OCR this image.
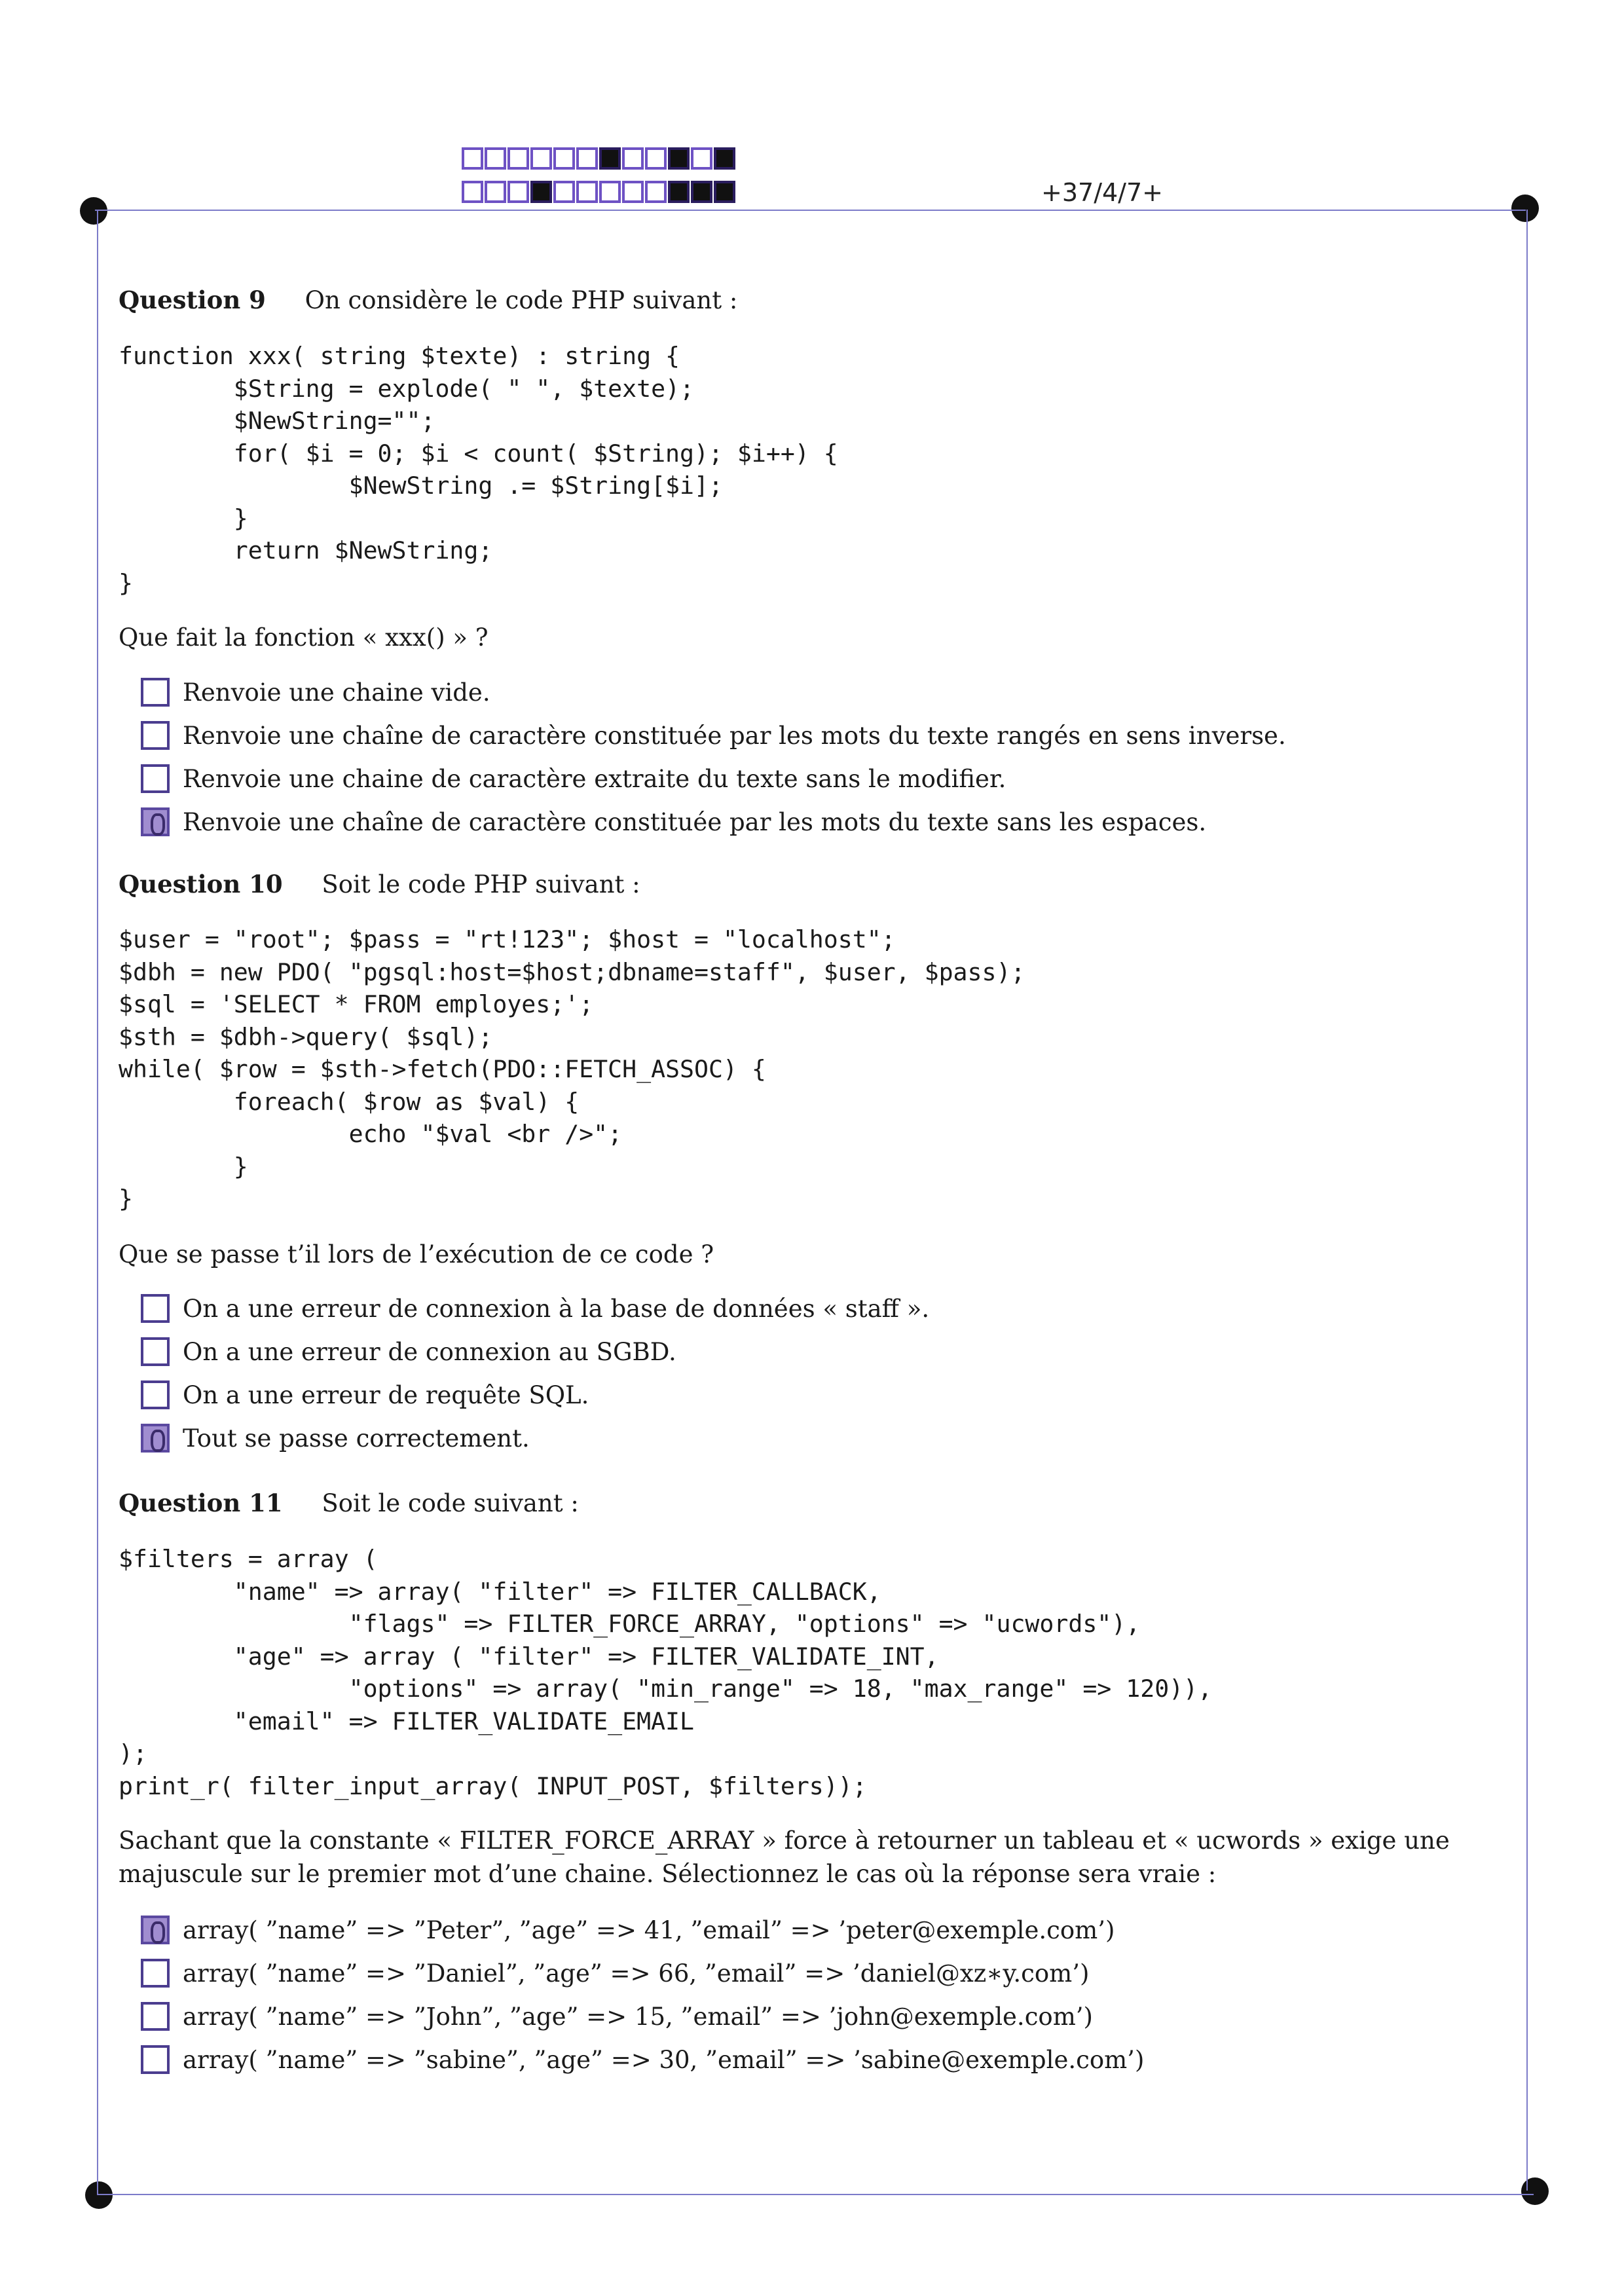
+37/4/7+
Question 9 On considère le code PHP suivant :
function xxx( string $texte) : string {
$String = explode( " ", $texte);
$NewString="";
for( $i = 0; $i < count( $String); $i++) {
$NewString .= $String[$i];
}
return $NewString;
}
Que fait la fonction « xxx() » ?
Renvoie une chaine vide.
Renvoie une chaîne de caractère constituée par les mots du texte rangés en sens inverse.
Renvoie une chaine de caractère extraite du texte sans le modifier.
Renvoie une chaîne de caractère constituée par les mots du texte sans les espaces.
Question 10 Soit le code PHP suivant :
$user = "root"; $pass = "rt!123"; $host = "localhost";
$dbh = new PDO( "pgsql:host=$host;dbname=staff", $user, $pass);
$sql = 'SELECT * FROM employes;';
$sth = $dbh->query( $sql);
while( $row = $sth->fetch(PDO::FETCH_ASSOC) {
foreach( $row as $val) {
echo "$val <br />";
}
}
Que se passe t’il lors de l’exécution de ce code ?
On a une erreur de connexion à la base de données « staff ».
On a une erreur de connexion au SGBD.
On a une erreur de requête SQL.
Tout se passe correctement.
Question 11 Soit le code suivant :
$filters = array (
"name" => array( "filter" => FILTER_CALLBACK,
"flags" => FILTER_FORCE_ARRAY, "options" => "ucwords"),
"age" => array ( "filter" => FILTER_VALIDATE_INT,
"options" => array( "min_range" => 18, "max_range" => 120)),
"email" => FILTER_VALIDATE_EMAIL
);
print_r( filter_input_array( INPUT_POST, $filters));
Sachant que la constante « FILTER_FORCE_ARRAY » force à retourner un tableau et « ucwords » exige une majuscule sur le premier mot d’une chaine. Sélectionnez le cas où la réponse sera vraie :
array( ”name” => ”Peter”, ”age” => 41, ”email” => ’peter@exemple.com’)
array( ”name” => ”Daniel”, ”age” => 66, ”email” => ’daniel@xz∗y.com’)
array( ”name” => ”John”, ”age” => 15, ”email” => ’john@exemple.com’)
array( ”name” => ”sabine”, ”age” => 30, ”email” => ’sabine@exemple.com’)
